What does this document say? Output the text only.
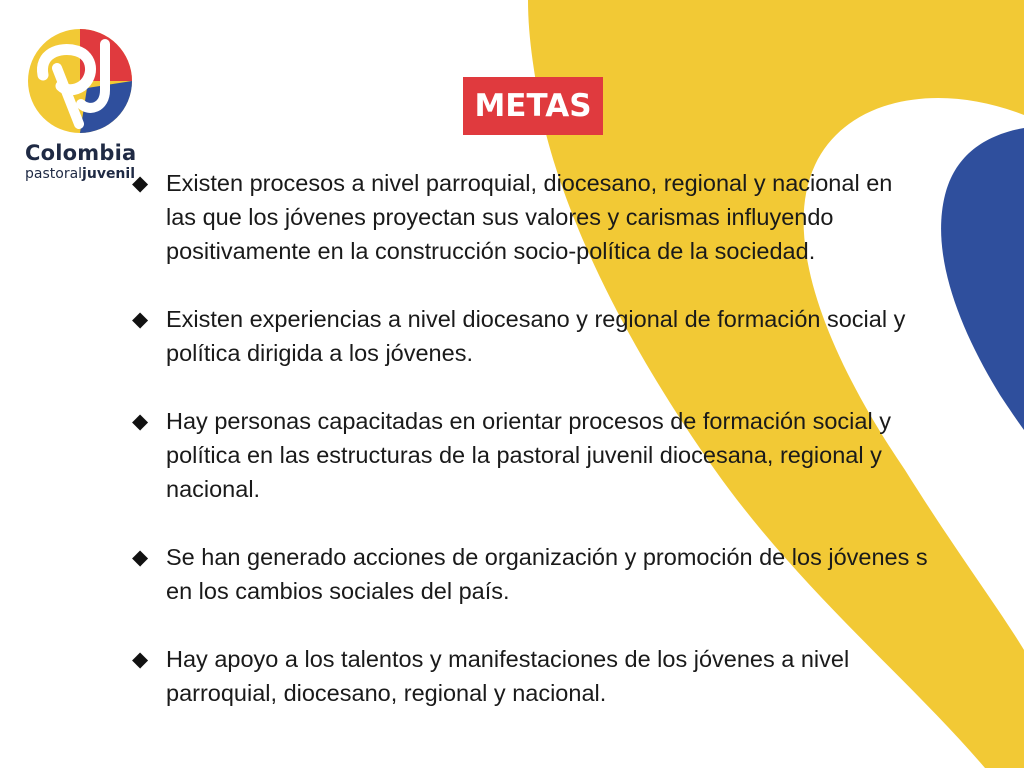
Colombia
pastoraljuvenil
METAS
◆ Existen procesos a nivel parroquial, diocesano, regional y nacional en las que los jóvenes proyectan sus valores y carismas influyendo positivamente en la construcción socio-política de la sociedad.
◆ Existen experiencias a nivel diocesano y regional de formación social y política dirigida a los jóvenes.
◆ Hay personas capacitadas en orientar procesos de formación social y política en las estructuras de la pastoral juvenil diocesana, regional y nacional.
◆ Se han generado acciones de organización y promoción de los jóvenes s en los cambios sociales del país.
◆ Hay apoyo a los talentos y manifestaciones de los jóvenes a nivel parroquial, diocesano, regional y nacional.
